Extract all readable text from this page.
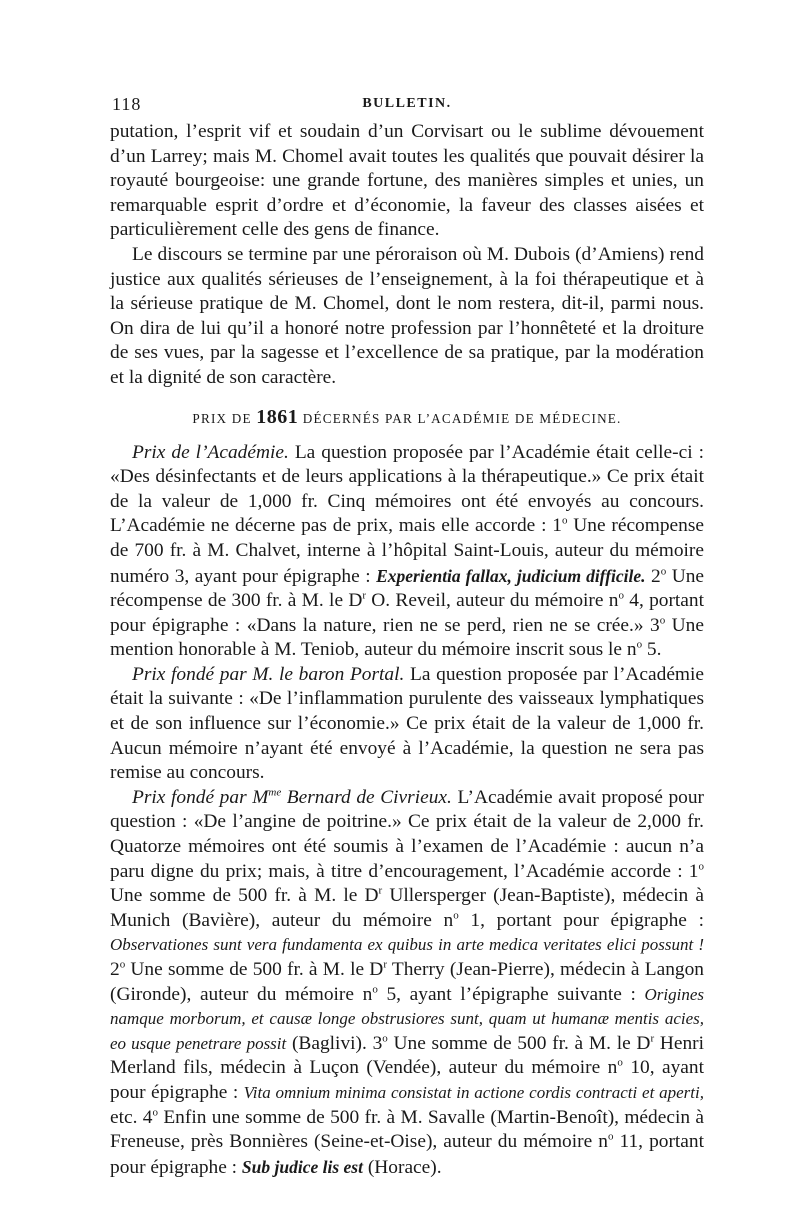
118	BULLETIN.

putation, l’esprit vif et soudain d’un Corvisart ou le sublime dévouement d’un Larrey; mais M. Chomel avait toutes les qualités que pouvait désirer la royauté bourgeoise: une grande fortune, des manières simples et unies, un remarquable esprit d’ordre et d’économie, la faveur des classes aisées et particulièrement celle des gens de finance.

Le discours se termine par une péroraison où M. Dubois (d’Amiens) rend justice aux qualités sérieuses de l’enseignement, à la foi thérapeutique et à la sérieuse pratique de M. Chomel, dont le nom restera, dit-il, parmi nous. On dira de lui qu’il a honoré notre profession par l’honnêteté et la droiture de ses vues, par la sagesse et l’excellence de sa pratique, par la modération et la dignité de son caractère.

PRIX DE 1861 DÉCERNÉS PAR L’ACADÉMIE DE MÉDECINE.

Prix de l’Académie. La question proposée par l’Académie était celle-ci : «Des désinfectants et de leurs applications à la thérapeutique.» Ce prix était de la valeur de 1,000 fr. Cinq mémoires ont été envoyés au concours. L’Académie ne décerne pas de prix, mais elle accorde : 1$^o$ Une récompense de 700 fr. à M. Chalvet, interne à l’hôpital Saint-Louis, auteur du mémoire numéro 3, ayant pour épigraphe : Experientia fallax, judicium difficile. 2$^o$ Une récompense de 300 fr. à M. le $D^r$ O. Reveil, auteur du mémoire $n^o$ 4, portant pour épigraphe : «Dans la nature, rien ne se perd, rien ne se crée.» 3$^o$ Une mention honorable à M. Teniob, auteur du mémoire inscrit sous le $n^o$ 5.

Prix fondé par M. le baron Portal. La question proposée par l’Académie était la suivante : «De l’inflammation purulente des vaisseaux lymphatiques et de son influence sur l’économie.» Ce prix était de la valeur de 1,000 fr. Aucun mémoire n’ayant été envoyé à l’Académie, la question ne sera pas remise au concours.

Prix fondé par $M^{me}$ Bernard de Civrieux. L’Académie avait proposé pour question : «De l’angine de poitrine.» Ce prix était de la valeur de 2,000 fr. Quatorze mémoires ont été soumis à l’examen de l’Académie : aucun n’a paru digne du prix; mais, à titre d’encouragement, l’Académie accorde : 1$^o$ Une somme de 500 fr. à M. le $D^r$ Ullersperger (Jean-Baptiste), médecin à Munich (Bavière), auteur du mémoire $n^o$ 1, portant pour épigraphe : Observationes sunt vera fundamenta ex quibus in arte medica veritates elici possunt ! 2$^o$ Une somme de 500 fr. à M. le $D^r$ Therry (Jean-Pierre), médecin à Langon (Gironde), auteur du mémoire $n^o$ 5, ayant l’épigraphe suivante : Origines namque morborum, et causæ longe obstrusiores sunt, quam ut humanæ mentis acies, eo usque penetrare possit (Baglivi). 3$^o$ Une somme de 500 fr. à M. le $D^r$ Henri Merland fils, médecin à Luçon (Vendée), auteur du mémoire $n^o$ 10, ayant pour épigraphe : Vita omnium minima consistat in actione cordis contracti et aperti, etc. 4$^o$ Enfin une somme de 500 fr. à M. Savalle (Martin-Benoît), médecin à Freneuse, près Bonnières (Seine-et-Oise), auteur du mémoire $n^o$ 11, portant pour épigraphe : Sub judice lis est (Horace).
